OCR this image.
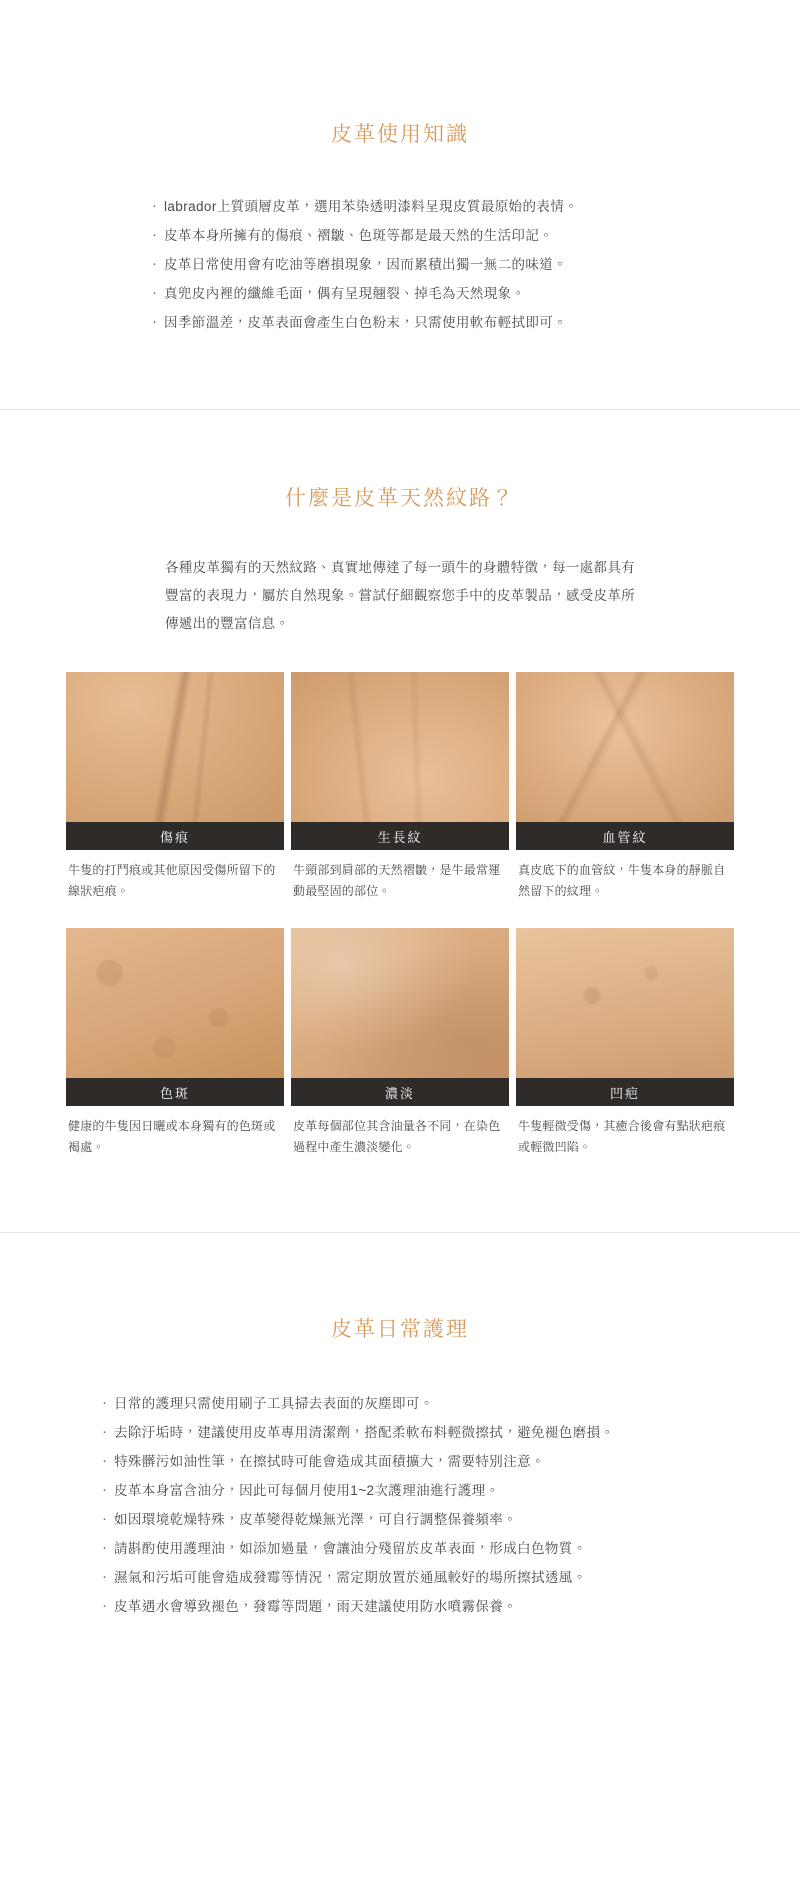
皮革使用知識
· labrador上質頭層皮革，選用苯染透明漆料呈現皮質最原始的表情。
· 皮革本身所擁有的傷痕、褶皺、色斑等都是最天然的生活印記。
· 皮革日常使用會有吃油等磨損現象，因而累積出獨一無二的味道。
· 真兜皮內裡的纖維毛面，偶有呈現翹裂、掉毛為天然現象。
· 因季節溫差，皮革表面會產生白色粉末，只需使用軟布輕拭即可。
什麼是皮革天然紋路？

各種皮革獨有的天然紋路、真實地傳達了每一頭牛的身體特徵，每一處都具有豐富的表現力，屬於自然現象。嘗試仔細觀察您手中的皮革製品，感受皮革所傳遞出的豐富信息。

傷痕
牛隻的打鬥痕或其他原因受傷所留下的線狀疤痕。
生長紋
牛頸部到肩部的天然褶皺，是牛最常運動最堅固的部位。
血管紋
真皮底下的血管紋，牛隻本身的靜脈自然留下的紋理。
色斑
健康的牛隻因日曬或本身獨有的色斑或褐處。
濃淡
皮革每個部位其含油量各不同，在染色過程中產生濃淡變化。
凹疤
牛隻輕微受傷，其癒合後會有點狀疤痕或輕微凹陷。
皮革日常護理
· 日常的護理只需使用刷子工具掃去表面的灰塵即可。
· 去除汙垢時，建議使用皮革專用清潔劑，搭配柔軟布料輕微擦拭，避免褪色磨損。
· 特殊髒污如油性筆，在擦拭時可能會造成其面積擴大，需要特別注意。
· 皮革本身富含油分，因此可每個月使用1~2次護理油進行護理。
· 如因環境乾燥特殊，皮革變得乾燥無光澤，可自行調整保養頻率。
· 請斟酌使用護理油，如添加過量，會讓油分殘留於皮革表面，形成白色物質。
· 濕氣和污垢可能會造成發霉等情況，需定期放置於通風較好的場所擦拭透風。
· 皮革遇水會導致褪色，發霉等問題，雨天建議使用防水噴霧保養。
